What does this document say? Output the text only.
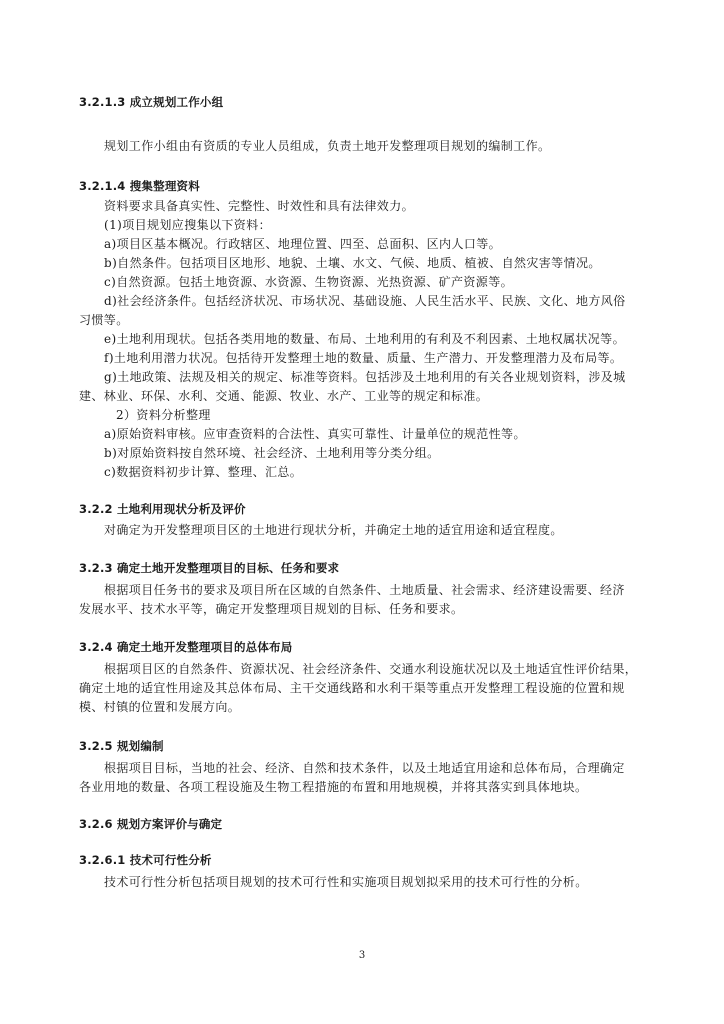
3.2.1.3 成立规划工作小组
规划工作小组由有资质的专业人员组成，负责土地开发整理项目规划的编制工作。
3.2.1.4 搜集整理资料
资料要求具备真实性、完整性、时效性和具有法律效力。
(1)项目规划应搜集以下资料：
a)项目区基本概况。行政辖区、地理位置、四至、总面积、区内人口等。
b)自然条件。包括项目区地形、地貌、土壤、水文、气候、地质、植被、自然灾害等情况。
c)自然资源。包括土地资源、水资源、生物资源、光热资源、矿产资源等。
d)社会经济条件。包括经济状况、市场状况、基础设施、人民生活水平、民族、文化、地方风俗
习惯等。
e)土地利用现状。包括各类用地的数量、布局、土地利用的有利及不利因素、土地权属状况等。
f)土地利用潜力状况。包括待开发整理土地的数量、质量、生产潜力、开发整理潜力及布局等。
g)土地政策、法规及相关的规定、标准等资料。包括涉及土地利用的有关各业规划资料，涉及城
建、林业、环保、水利、交通、能源、牧业、水产、工业等的规定和标准。
2）资料分析整理
a)原始资料审核。应审查资料的合法性、真实可靠性、计量单位的规范性等。
b)对原始资料按自然环境、社会经济、土地利用等分类分组。
c)数据资料初步计算、整理、汇总。
3.2.2 土地利用现状分析及评价
对确定为开发整理项目区的土地进行现状分析，并确定土地的适宜用途和适宜程度。
3.2.3 确定土地开发整理项目的目标、任务和要求
根据项目任务书的要求及项目所在区域的自然条件、土地质量、社会需求、经济建设需要、经济
发展水平、技术水平等，确定开发整理项目规划的目标、任务和要求。
3.2.4 确定土地开发整理项目的总体布局
根据项目区的自然条件、资源状况、社会经济条件、交通水利设施状况以及土地适宜性评价结果，
确定土地的适宜性用途及其总体布局、主干交通线路和水利干渠等重点开发整理工程设施的位置和规
模、村镇的位置和发展方向。
3.2.5 规划编制
根据项目目标，当地的社会、经济、自然和技术条件，以及土地适宜用途和总体布局，合理确定
各业用地的数量、各项工程设施及生物工程措施的布置和用地规模，并将其落实到具体地块。
3.2.6 规划方案评价与确定
3.2.6.1 技术可行性分析
技术可行性分析包括项目规划的技术可行性和实施项目规划拟采用的技术可行性的分析。
3
